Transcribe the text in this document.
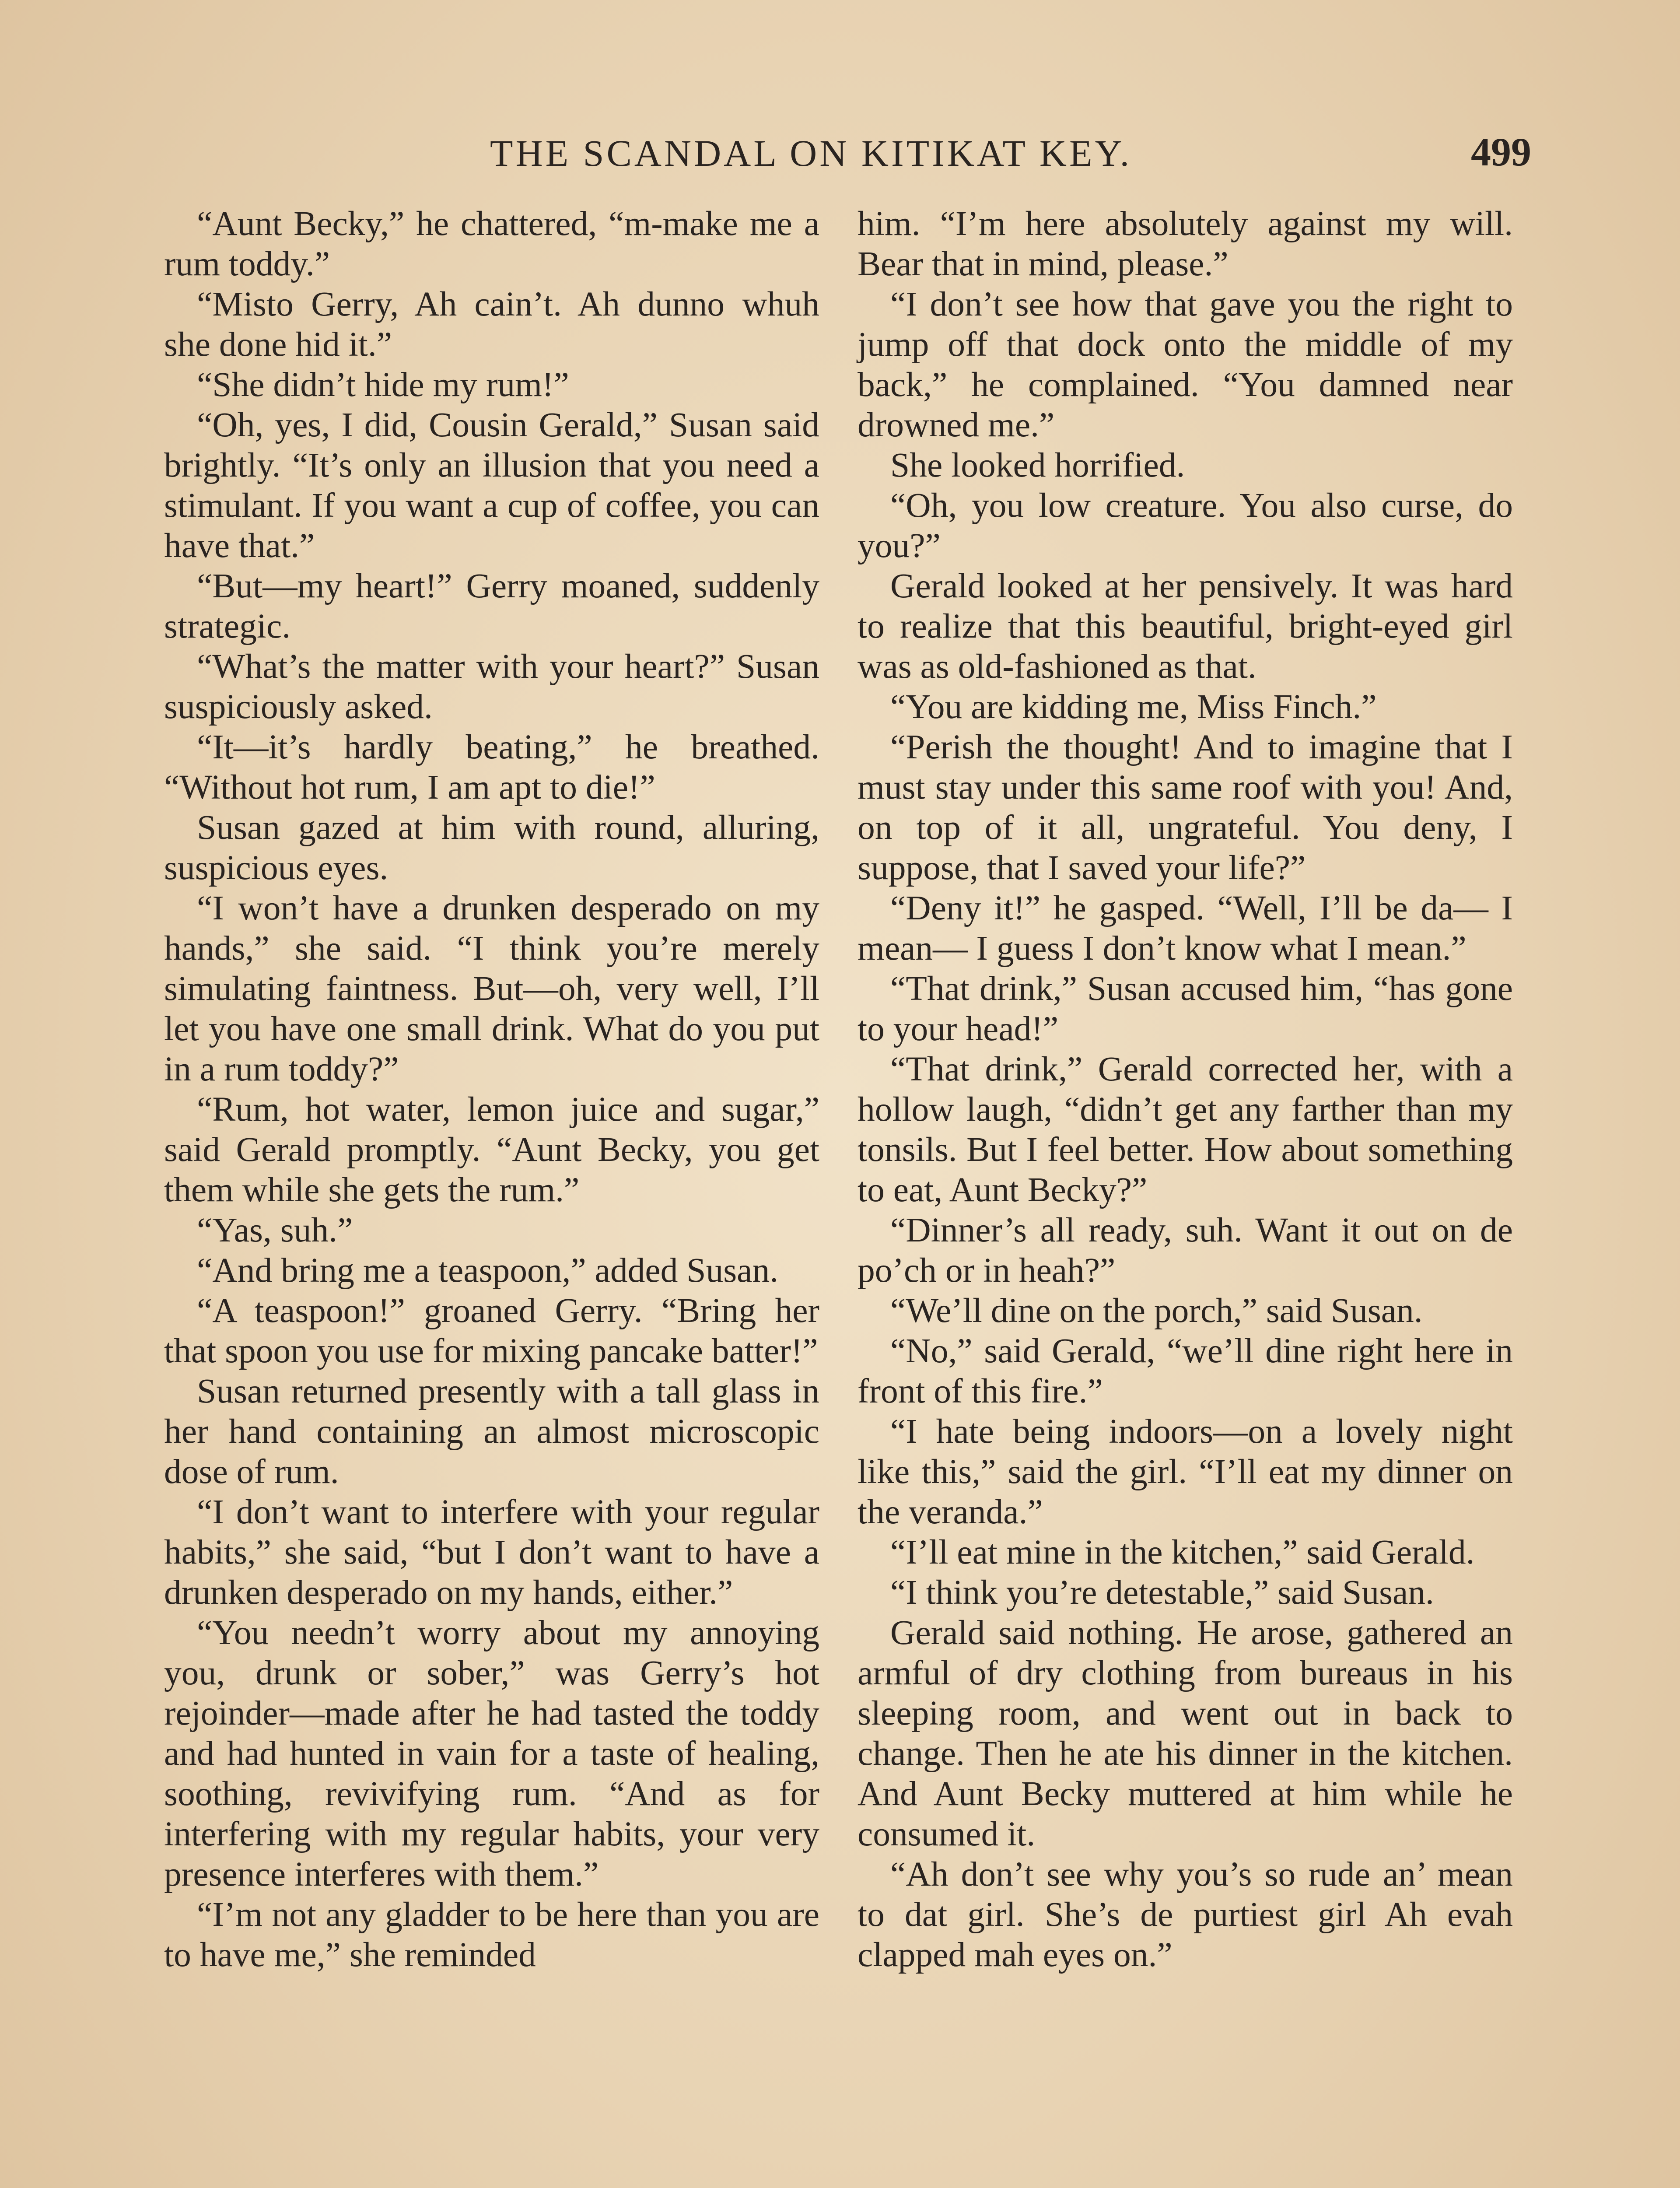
THE SCANDAL ON KITIKAT KEY.	499

“Aunt Becky,” he chattered, “m-make me a rum toddy.”

“Misto Gerry, Ah cain’t. Ah dunno whuh she done hid it.”

“She didn’t hide my rum!”

“Oh, yes, I did, Cousin Gerald,” Susan said brightly. “It’s only an illusion that you need a stimulant. If you want a cup of coffee, you can have that.”

“But—my heart!” Gerry moaned, suddenly strategic.

“What’s the matter with your heart?” Susan suspiciously asked.

“It—it’s hardly beating,” he breathed. “Without hot rum, I am apt to die!”

Susan gazed at him with round, alluring, suspicious eyes.

“I won’t have a drunken desperado on my hands,” she said. “I think you’re merely simulating faintness. But—oh, very well, I’ll let you have one small drink. What do you put in a rum toddy?”

“Rum, hot water, lemon juice and sugar,” said Gerald promptly. “Aunt Becky, you get them while she gets the rum.”

“Yas, suh.”

“And bring me a teaspoon,” added Susan.

“A teaspoon!” groaned Gerry. “Bring her that spoon you use for mixing pancake batter!”

Susan returned presently with a tall glass in her hand containing an almost microscopic dose of rum.

“I don’t want to interfere with your regular habits,” she said, “but I don’t want to have a drunken desperado on my hands, either.”

“You needn’t worry about my annoying you, drunk or sober,” was Gerry’s hot rejoinder—made after he had tasted the toddy and had hunted in vain for a taste of healing, soothing, revivifying rum. “And as for interfering with my regular habits, your very presence interferes with them.”

“I’m not any gladder to be here than you are to have me,” she reminded

him. “I’m here absolutely against my will. Bear that in mind, please.”

“I don’t see how that gave you the right to jump off that dock onto the middle of my back,” he complained. “You damned near drowned me.”

She looked horrified.

“Oh, you low creature. You also curse, do you?”

Gerald looked at her pensively. It was hard to realize that this beautiful, bright-eyed girl was as old-fashioned as that.

“You are kidding me, Miss Finch.”

“Perish the thought! And to imagine that I must stay under this same roof with you! And, on top of it all, ungrateful. You deny, I suppose, that I saved your life?”

“Deny it!” he gasped. “Well, I’ll be da— I mean— I guess I don’t know what I mean.”

“That drink,” Susan accused him, “has gone to your head!”

“That drink,” Gerald corrected her, with a hollow laugh, “didn’t get any farther than my tonsils. But I feel better. How about something to eat, Aunt Becky?”

“Dinner’s all ready, suh. Want it out on de po’ch or in heah?”

“We’ll dine on the porch,” said Susan.

“No,” said Gerald, “we’ll dine right here in front of this fire.”

“I hate being indoors—on a lovely night like this,” said the girl. “I’ll eat my dinner on the veranda.”

“I’ll eat mine in the kitchen,” said Gerald.

“I think you’re detestable,” said Susan.

Gerald said nothing. He arose, gathered an armful of dry clothing from bureaus in his sleeping room, and went out in back to change. Then he ate his dinner in the kitchen. And Aunt Becky muttered at him while he consumed it.

“Ah don’t see why you’s so rude an’ mean to dat girl. She’s de purtiest girl Ah evah clapped mah eyes on.”
